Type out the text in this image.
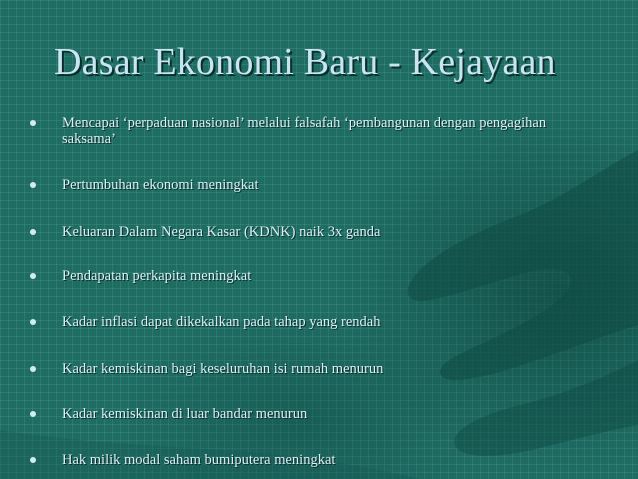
Dasar Ekonomi Baru - Kejayaan
Mencapai ‘perpaduan nasional’ melalui falsafah ‘pembangunan dengan pengagihan saksama’
Pertumbuhan ekonomi meningkat
Keluaran Dalam Negara Kasar (KDNK) naik 3x ganda
Pendapatan perkapita meningkat
Kadar inflasi dapat dikekalkan pada tahap yang rendah
Kadar kemiskinan bagi keseluruhan isi rumah menurun
Kadar kemiskinan di luar bandar menurun
Hak milik modal saham bumiputera meningkat
